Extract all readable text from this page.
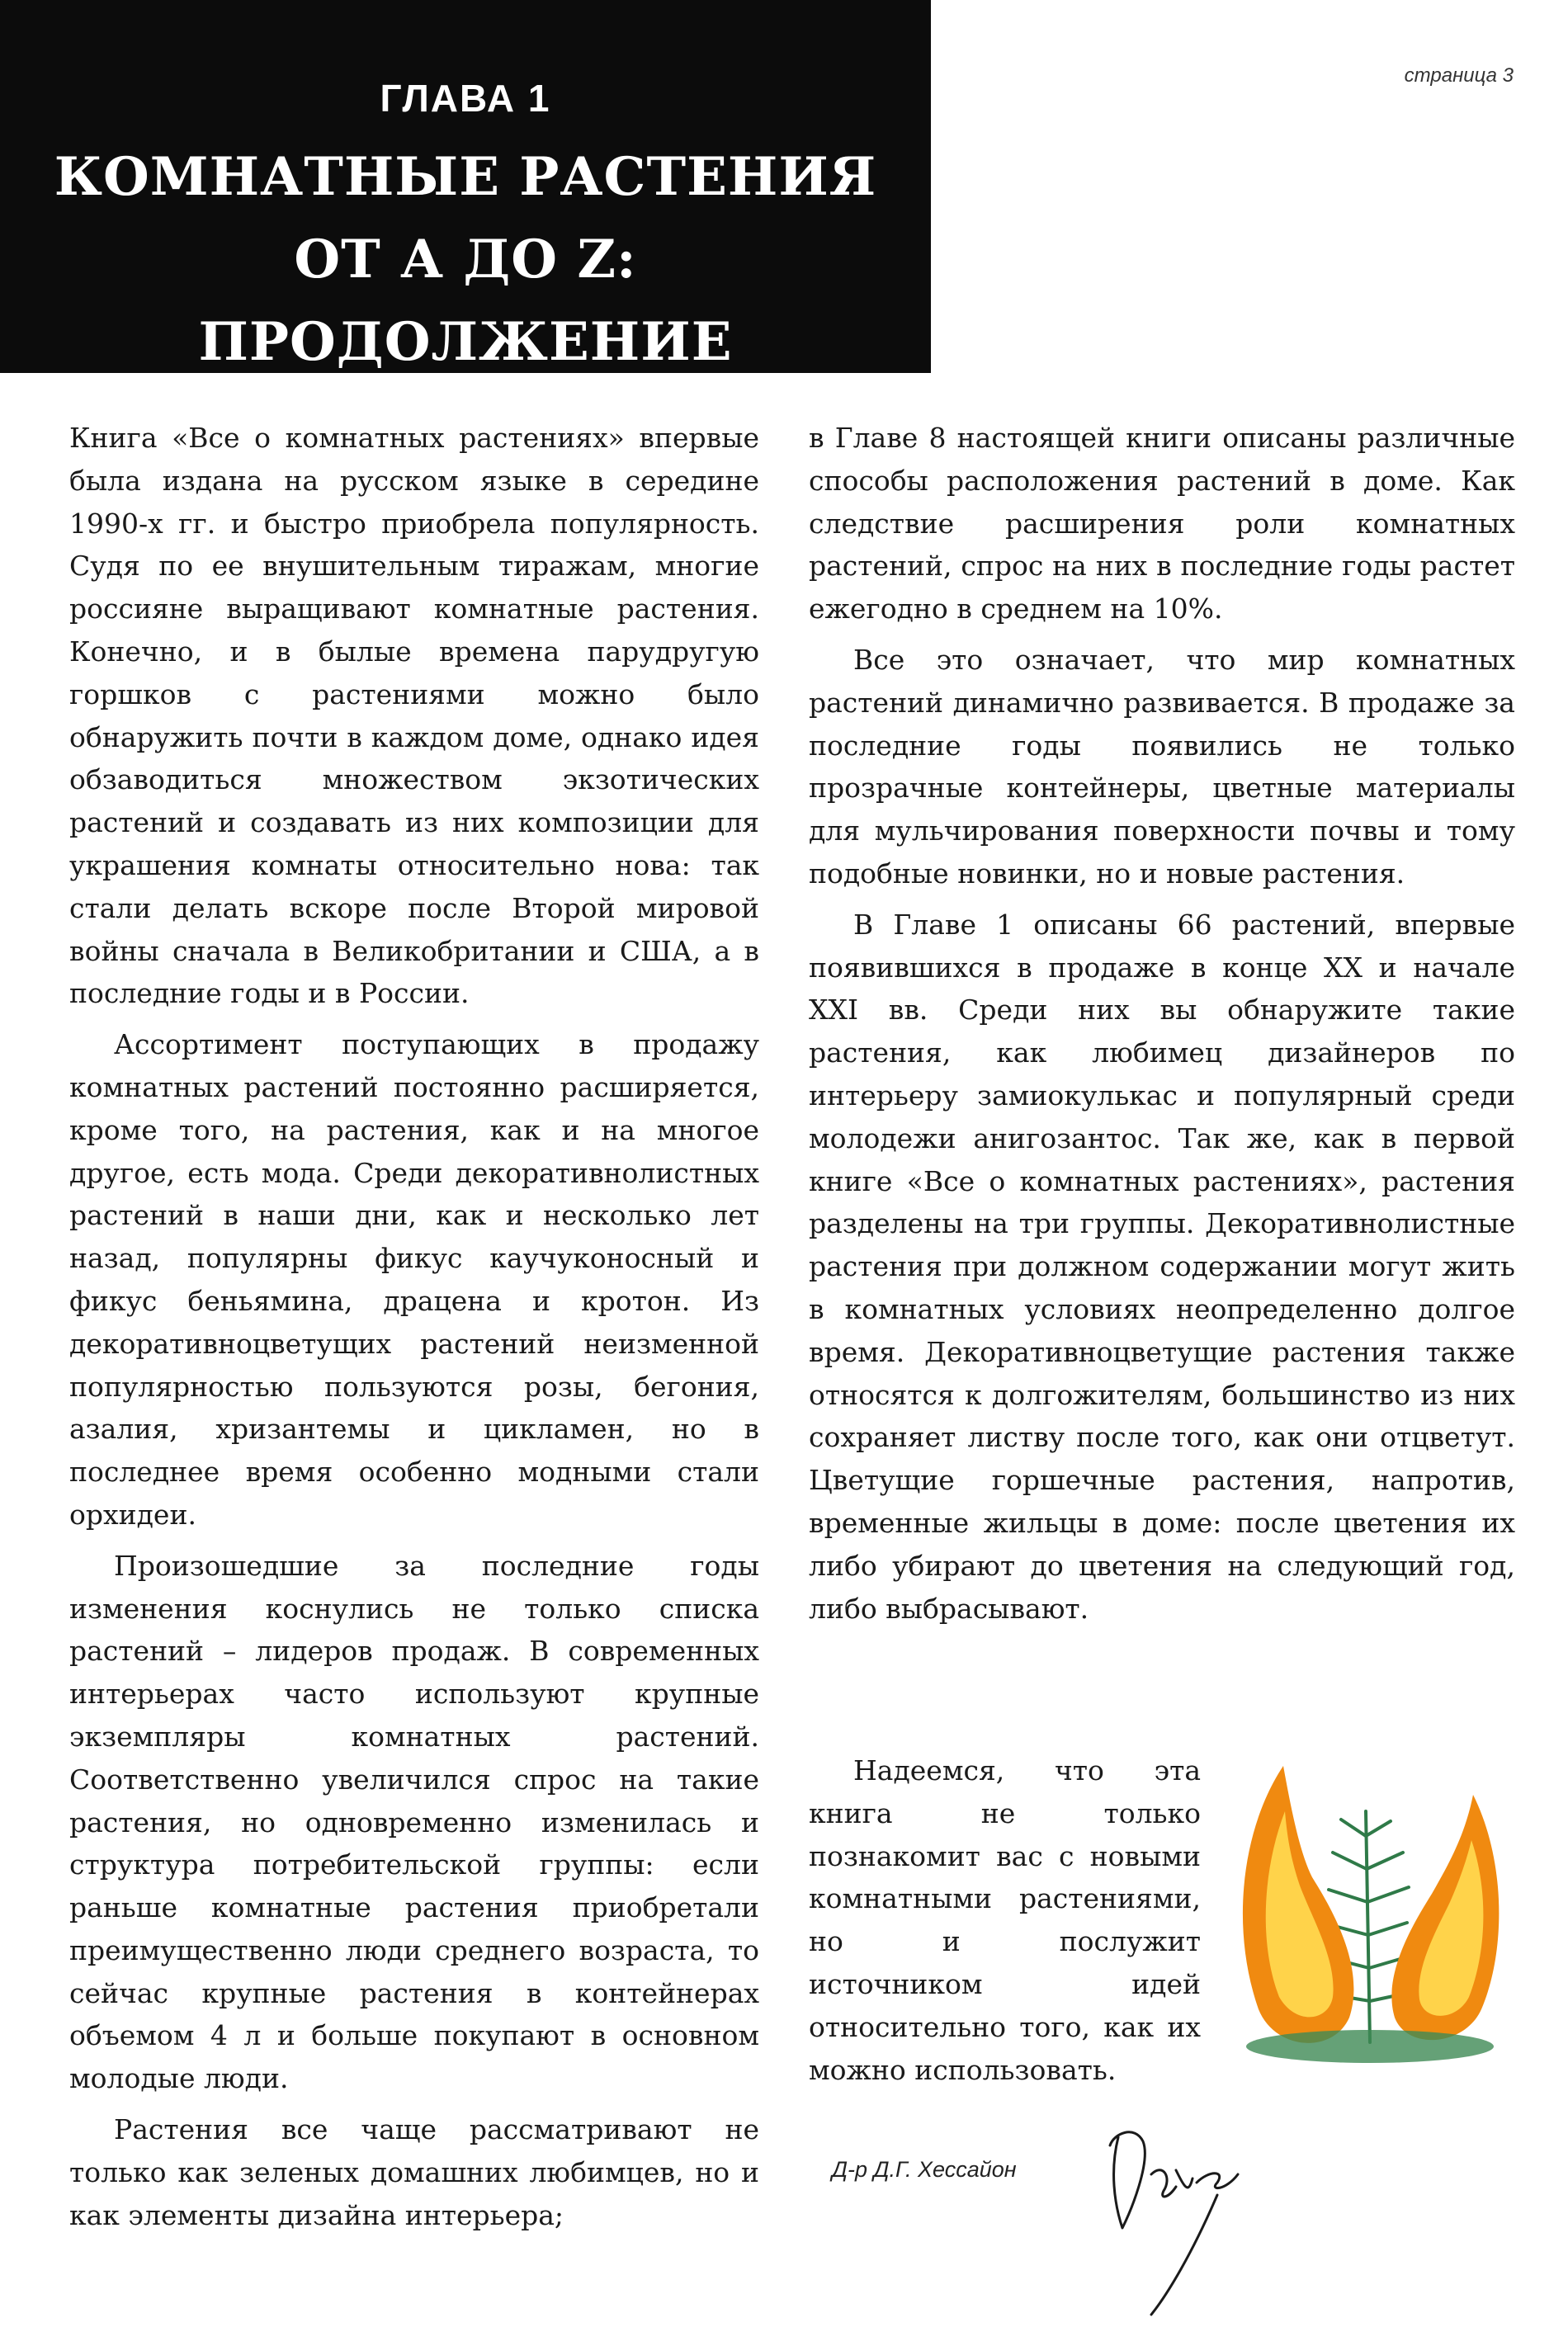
ГЛАВА 1
КОМНАТНЫЕ РАСТЕНИЯ
ОТ А ДО Z:
ПРОДОЛЖЕНИЕ
страница 3

Книга «Все о комнатных растениях» впервые была издана на русском языке в середине 1990-х гг. и быстро приобрела популярность. Судя по ее внушительным тиражам, многие россияне выращивают комнатные растения. Конечно, и в былые времена парудругую горшков с растениями можно было обнаружить почти в каждом доме, однако идея обзаводиться множеством экзотических растений и создавать из них композиции для украшения комнаты относительно нова: так стали делать вскоре после Второй мировой войны сначала в Великобритании и США, а в последние годы и в России.

Ассортимент поступающих в продажу комнатных растений постоянно расширяется, кроме того, на растения, как и на многое другое, есть мода. Среди декоративнолистных растений в наши дни, как и несколько лет назад, популярны фикус каучуконосный и фикус беньямина, драцена и кротон. Из декоративноцветущих растений неизменной популярностью пользуются розы, бегония, азалия, хризантемы и цикламен, но в последнее время особенно модными стали орхидеи.

Произошедшие за последние годы изменения коснулись не только списка растений – лидеров продаж. В современных интерьерах часто используют крупные экземпляры комнатных растений. Соответственно увеличился спрос на такие растения, но одновременно изменилась и структура потребительской группы: если раньше комнатные растения приобретали преимущественно люди среднего возраста, то сейчас крупные растения в контейнерах объемом 4 л и больше покупают в основном молодые люди.

Растения все чаще рассматривают не только как зеленых домашних любимцев, но и как элементы дизайна интерьера;

в Главе 8 настоящей книги описаны различные способы расположения растений в доме. Как следствие расширения роли комнатных растений, спрос на них в последние годы растет ежегодно в среднем на 10%.

Все это означает, что мир комнатных растений динамично развивается. В продаже за последние годы появились не только прозрачные контейнеры, цветные материалы для мульчирования поверхности почвы и тому подобные новинки, но и новые растения.

В Главе 1 описаны 66 растений, впервые появившихся в продаже в конце XX и начале XXI вв. Среди них вы обнаружите такие растения, как любимец дизайнеров по интерьеру замиокулькас и популярный среди молодежи анигозантос. Так же, как в первой книге «Все о комнатных растениях», растения разделены на три группы. Декоративнолистные растения при должном содержании могут жить в комнатных условиях неопределенно долгое время. Декоративноцветущие растения также относятся к долгожителям, большинство из них сохраняет листву после того, как они отцветут. Цветущие горшечные растения, напротив, временные жильцы в доме: после цветения их либо убирают до цветения на следующий год, либо выбрасывают.

Надеемся, что эта книга не только познакомит вас с новыми комнатными растениями, но и послужит источником идей относительно того, как их можно использовать.
Д-р Д.Г. Хессайон
